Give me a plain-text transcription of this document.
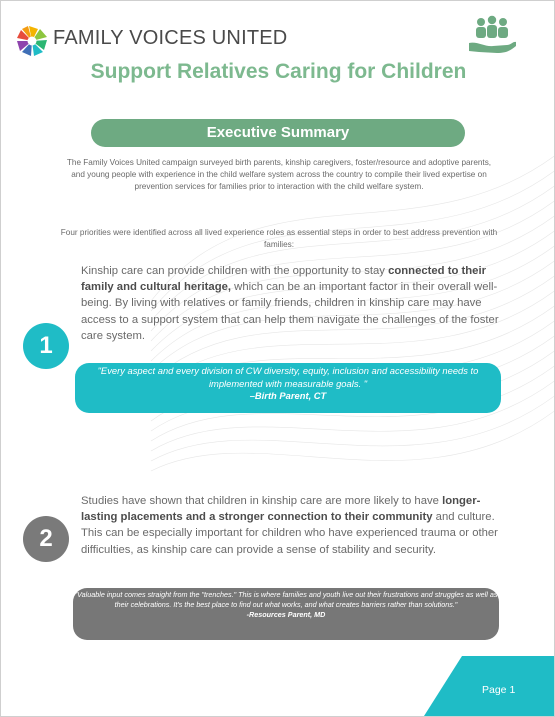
FAMILY VOICES UNITED
Support Relatives Caring for Children
Executive Summary
The Family Voices United campaign surveyed birth parents, kinship caregivers, foster/resource and adoptive parents, and young people with experience in the child welfare system across the country to compile their lived expertise on prevention services for families prior to interaction with the child welfare system.
Four priorities were identified across all lived experience roles as essential steps in order to best address prevention with families:
Kinship care can provide children with the opportunity to stay connected to their family and cultural heritage, which can be an important factor in their overall well-being. By living with relatives or family friends, children in kinship care may have access to a support system that can help them navigate the challenges of the foster care system.
1
"Every aspect and every division of CW diversity, equity, inclusion and accessibility needs to implemented with measurable goals. "
–Birth Parent, CT
Studies have shown that children in kinship care are more likely to have longer-lasting placements and a stronger connection to their community and culture. This can be especially important for children who have experienced trauma or other difficulties, as kinship care can provide a sense of stability and security.
2
"Valuable input comes straight from the "trenches." This is where families and youth live out their frustrations and struggles as well as their celebrations. It's the best place to find out what works, and what creates barriers rather than solutions."
-Resources Parent, MD
Page 1
